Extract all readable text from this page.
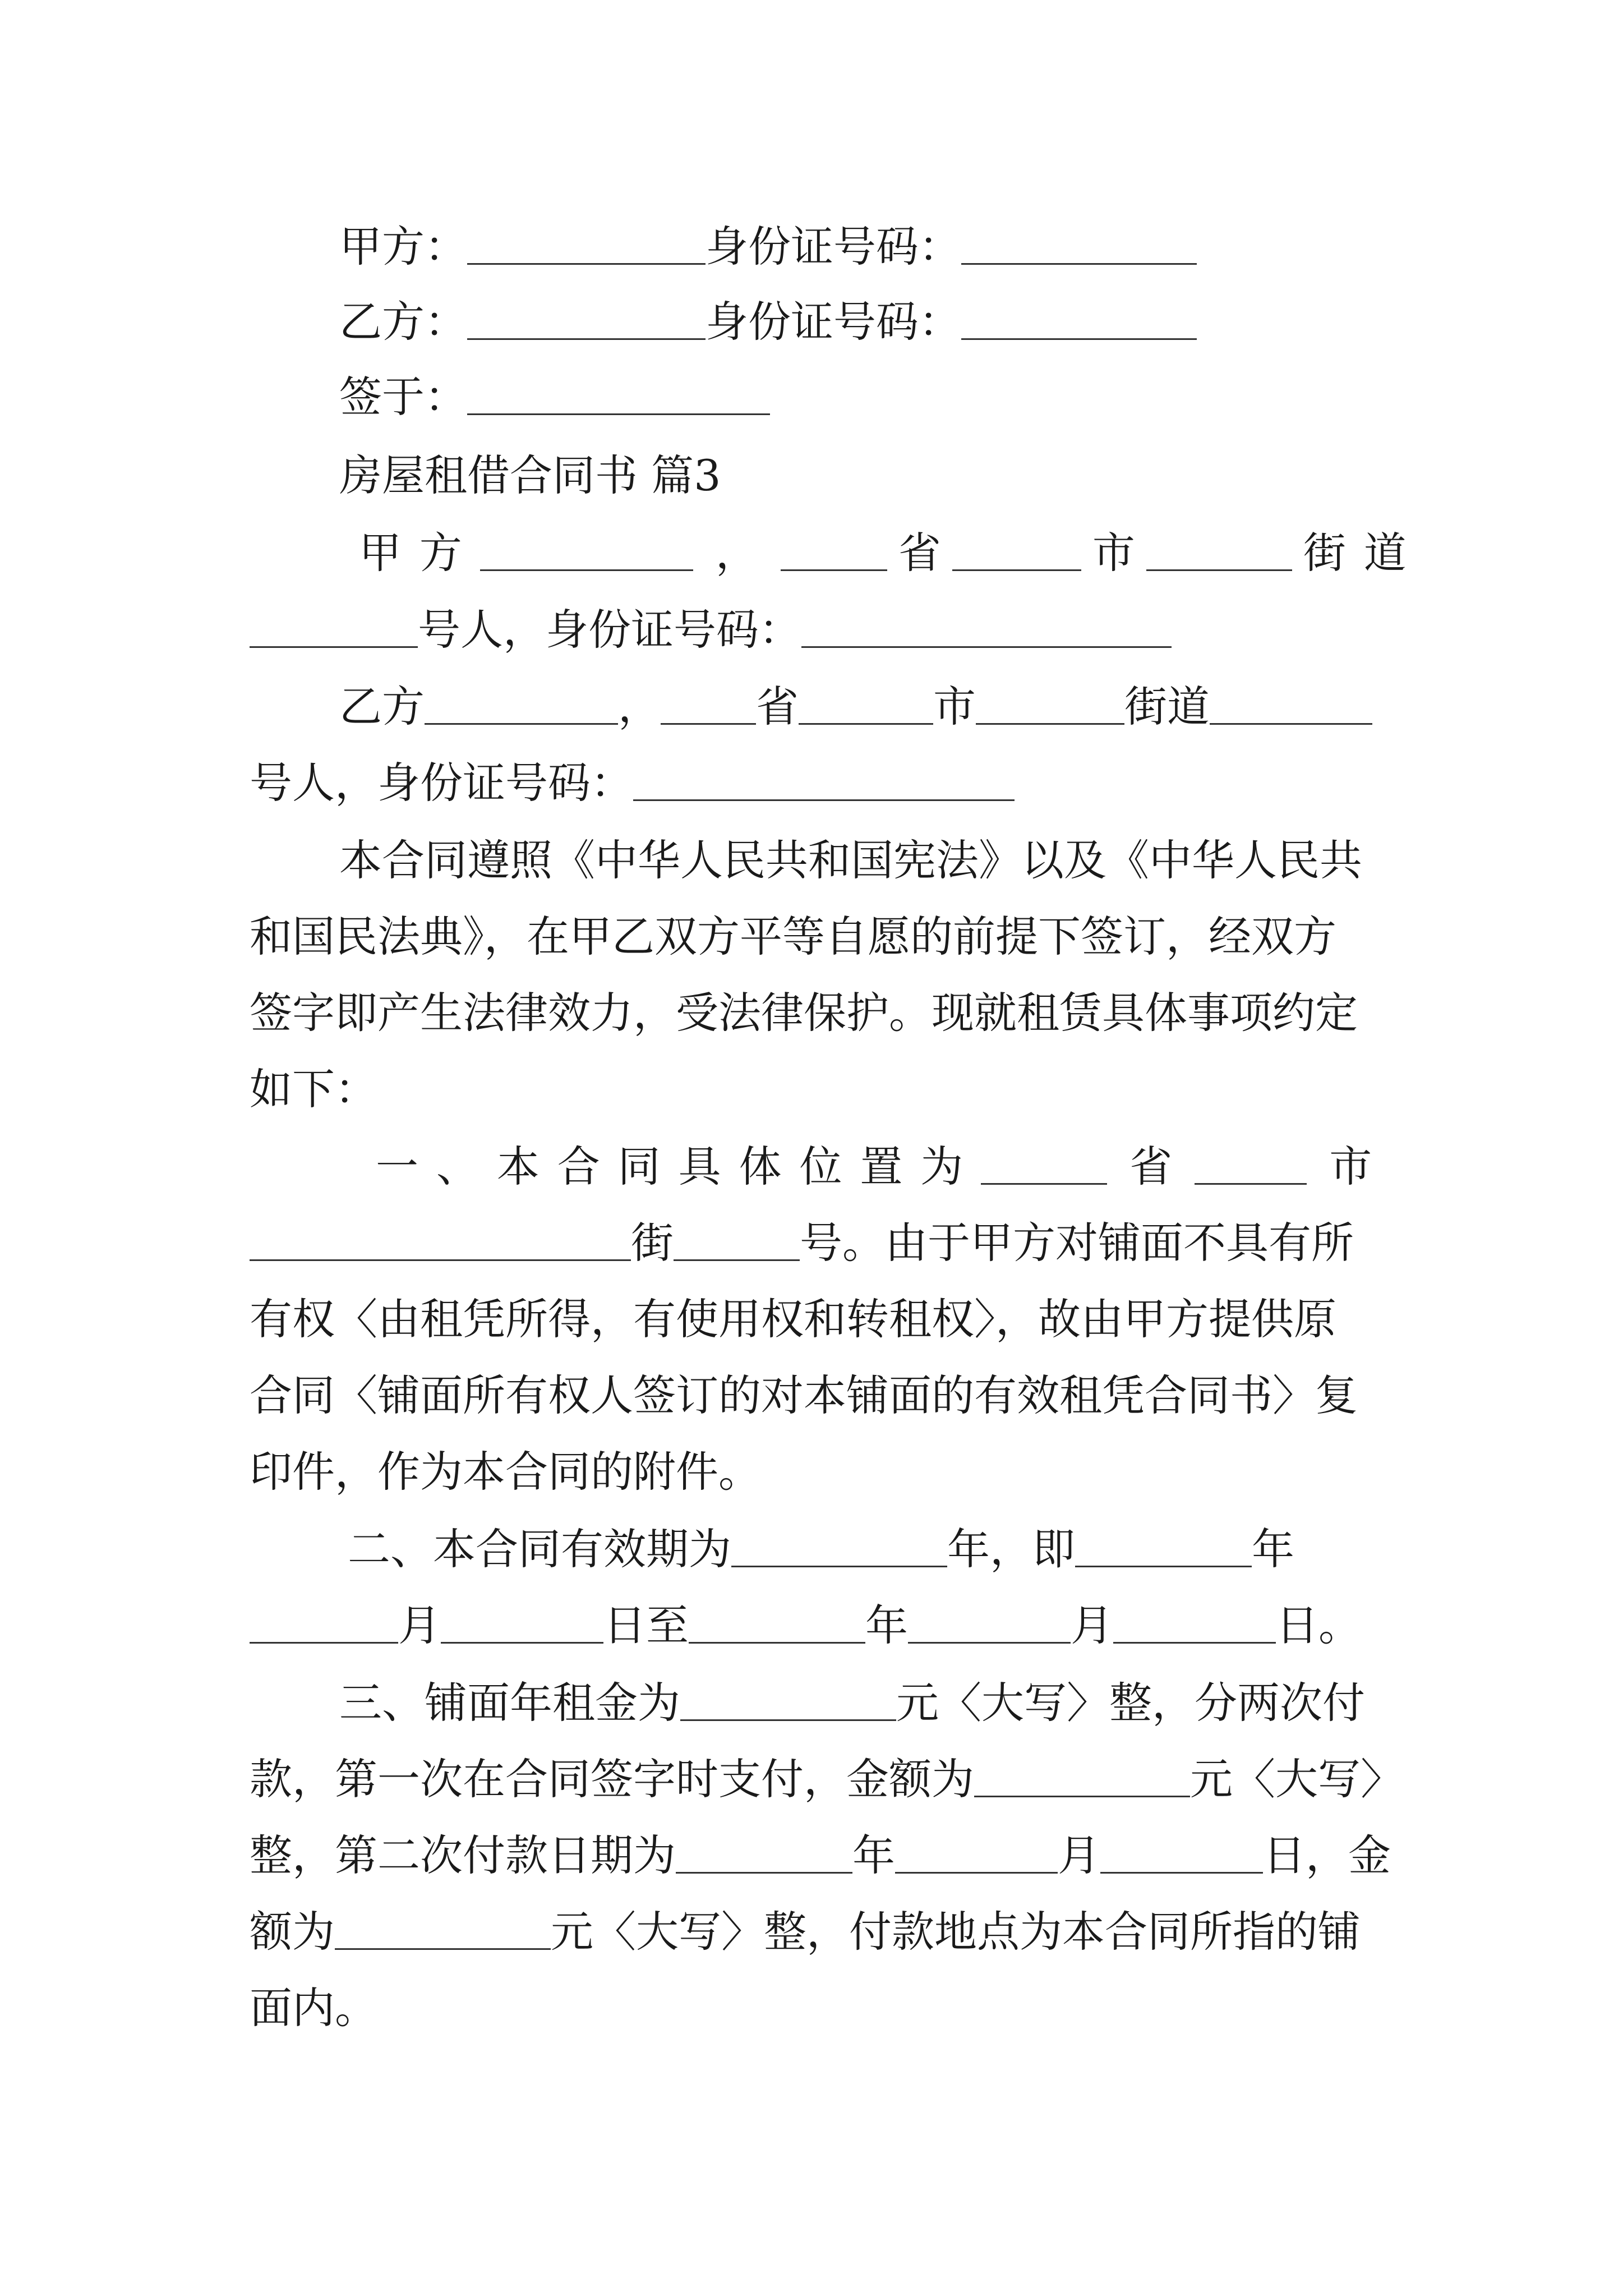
甲方：	身份证号码：
乙方：	身份证号码：
签于：
房屋租借合同书 篇3
甲方	，	省	市	街道
号人，身份证号码：
乙方	， 省	市	街道
号人，身份证号码：
本合同遵照《中华人民共和国宪法》以及《中华人民共
和国民法典》，在甲乙双方平等自愿的前提下签订，经双方
签字即产生法律效力，受法律保护。现就租赁具体事项约定
如下：
一、本合同具体位置为	省	市
街	号。由于甲方对铺面不具有所
有权〈由租凭所得，有使用权和转租权〉，故由甲方提供原
合同〈铺面所有权人签订的对本铺面的有效租凭合同书〉复
印件，作为本合同的附件。
二、本合同有效期为	年，即	年
月	日至	年	月	日。
三、铺面年租金为	元〈大写〉整，分两次付
款，第一次在合同签字时支付，金额为	元〈大写〉
整，第二次付款日期为	年	月	日，金
额为	元〈大写〉整，付款地点为本合同所指的铺
面内。
